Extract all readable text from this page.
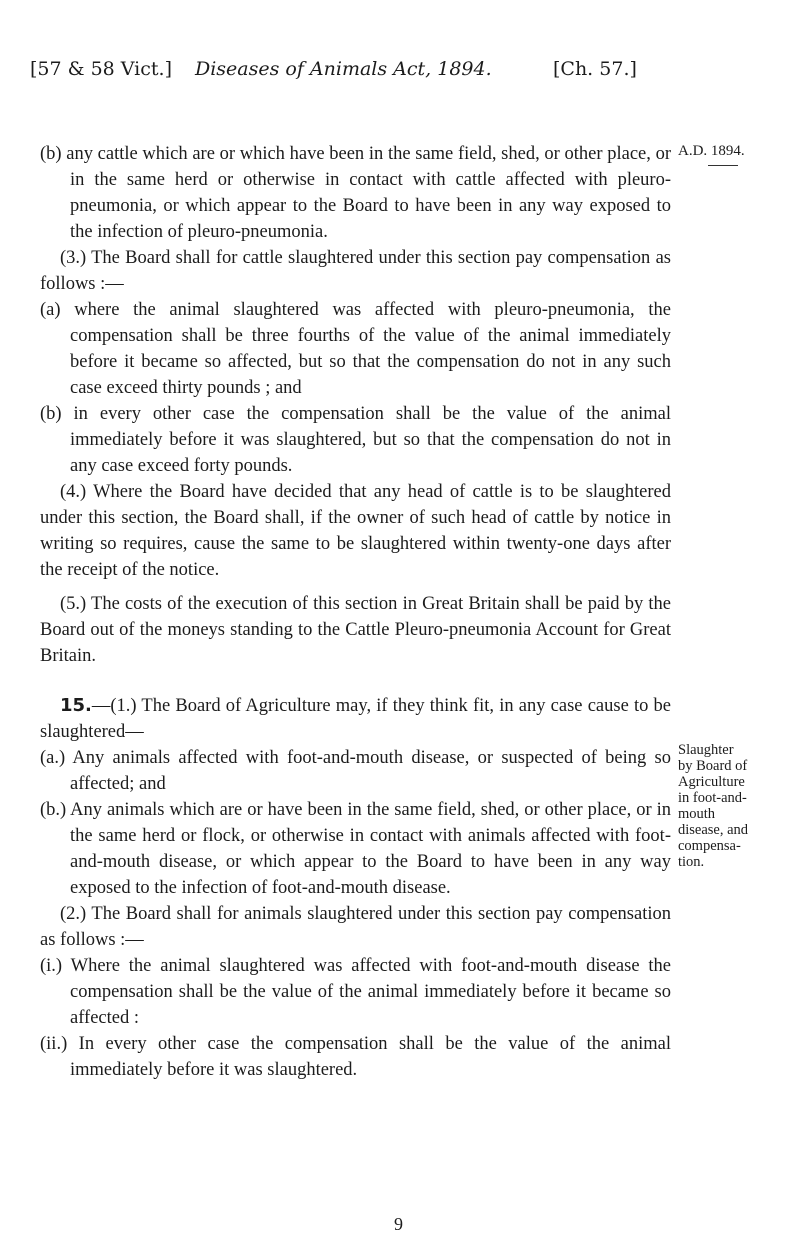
[57 & 58 Vict.] Diseases of Animals Act, 1894.	[Ch. 57.]
A.D. 1894.
Slaughter
by Board of
Agriculture
in foot-and-
mouth
disease, and
compensa-
tion.

(b) any cattle which are or which have been in the same field, shed, or other place, or in the same herd or otherwise in contact with cattle affected with pleuro-pneumonia, or which appear to the Board to have been in any way exposed to the infection of pleuro-pneumonia.

(3.) The Board shall for cattle slaughtered under this section pay compensation as follows :—

(a) where the animal slaughtered was affected with pleuro-pneumonia, the compensation shall be three fourths of the value of the animal immediately before it became so affected, but so that the compensation do not in any such case exceed thirty pounds ; and

(b) in every other case the compensation shall be the value of the animal immediately before it was slaughtered, but so that the compensation do not in any case exceed forty pounds.

(4.) Where the Board have decided that any head of cattle is to be slaughtered under this section, the Board shall, if the owner of such head of cattle by notice in writing so requires, cause the same to be slaughtered within twenty-one days after the receipt of the notice.

(5.) The costs of the execution of this section in Great Britain shall be paid by the Board out of the moneys standing to the Cattle Pleuro-pneumonia Account for Great Britain.

15.—(1.) The Board of Agriculture may, if they think fit, in any case cause to be slaughtered—

(a.) Any animals affected with foot-and-mouth disease, or suspected of being so affected; and

(b.) Any animals which are or have been in the same field, shed, or other place, or in the same herd or flock, or otherwise in contact with animals affected with foot-and-mouth disease, or which appear to the Board to have been in any way exposed to the infection of foot-and-mouth disease.

(2.) The Board shall for animals slaughtered under this section pay compensation as follows :—

(i.) Where the animal slaughtered was affected with foot-and-mouth disease the compensation shall be the value of the animal immediately before it became so affected :

(ii.) In every other case the compensation shall be the value of the animal immediately before it was slaughtered.

9
